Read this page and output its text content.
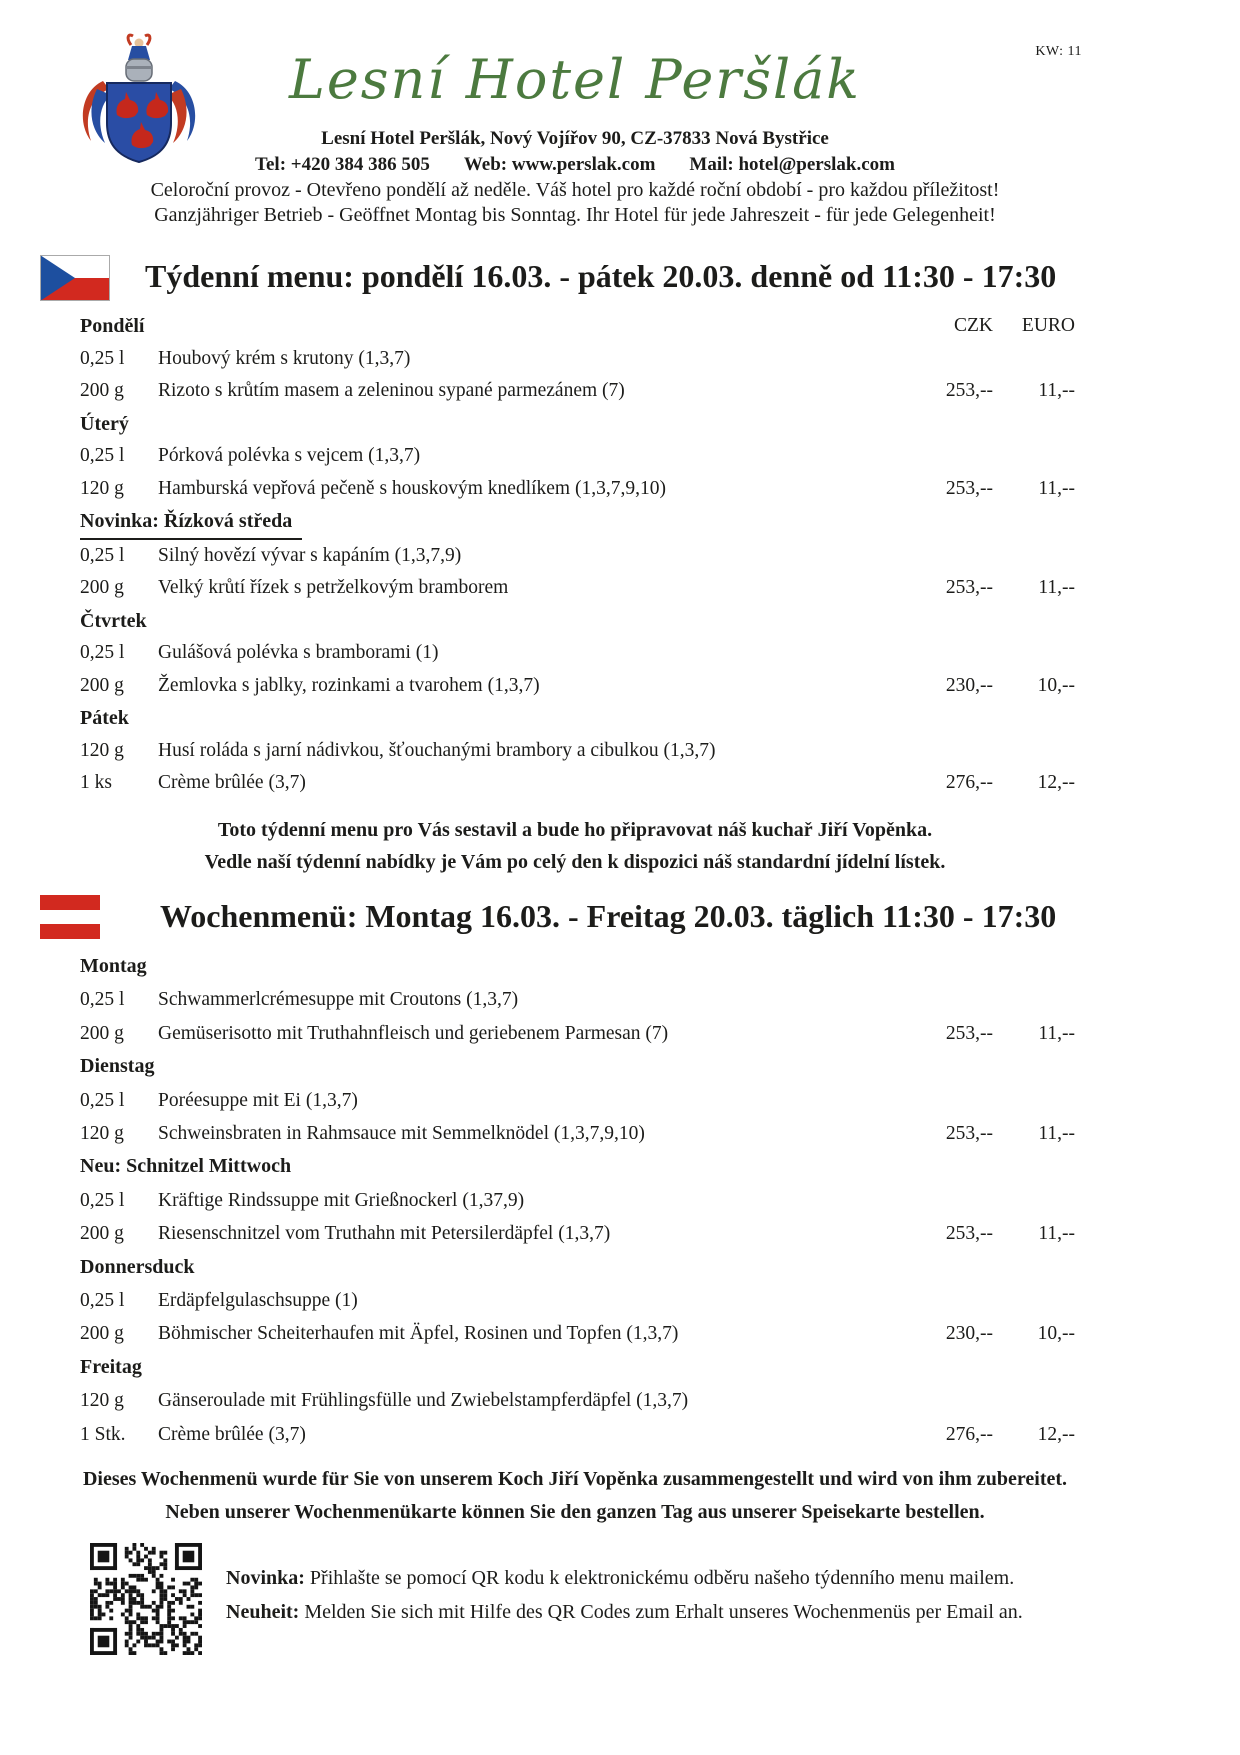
KW: 11
Lesní Hotel Peršlák
Lesní Hotel Peršlák, Nový Vojířov 90, CZ-37833 Nová Bystřice
Tel: +420 384 386 505 Web: www.perslak.com Mail: hotel@perslak.com
Celoroční provoz - Otevřeno pondělí až neděle. Váš hotel pro každé roční období - pro každou příležitost!
Ganzjähriger Betrieb - Geöffnet Montag bis Sonntag. Ihr Hotel für jede Jahreszeit - für jede Gelegenheit!
Týdenní menu: pondělí 16.03. - pátek 20.03. denně od 11:30 - 17:30
Pondělí	CZK	EURO
0,25 l	Houbový krém s krutony (1,3,7)
200 g	Rizoto s krůtím masem a zeleninou sypané parmezánem (7)	253,--	11,--
Úterý
0,25 l	Pórková polévka s vejcem (1,3,7)
120 g	Hamburská vepřová pečeně s houskovým knedlíkem (1,3,7,9,10)	253,--	11,--
Novinka: Řízková středa
0,25 l	Silný hovězí vývar s kapáním (1,3,7,9)
200 g	Velký krůtí řízek s petrželkovým bramborem	253,--	11,--
Čtvrtek
0,25 l	Gulášová polévka s bramborami (1)
200 g	Žemlovka s jablky, rozinkami a tvarohem (1,3,7)	230,--	10,--
Pátek
120 g	Husí roláda s jarní nádivkou, šťouchanými brambory a cibulkou (1,3,7)
1 ks	Crème brûlée (3,7)	276,--	12,--
Toto týdenní menu pro Vás sestavil a bude ho připravovat náš kuchař Jiří Vopěnka.
Vedle naší týdenní nabídky je Vám po celý den k dispozici náš standardní jídelní lístek.
Wochenmenü: Montag 16.03. - Freitag 20.03. täglich 11:30 - 17:30
Montag
0,25 l	Schwammerlcrémesuppe mit Croutons (1,3,7)
200 g	Gemüserisotto mit Truthahnfleisch und geriebenem Parmesan (7)	253,--	11,--
Dienstag
0,25 l	Poréesuppe mit Ei (1,3,7)
120 g	Schweinsbraten in Rahmsauce mit Semmelknödel (1,3,7,9,10)	253,--	11,--
Neu: Schnitzel Mittwoch
0,25 l	Kräftige Rindssuppe mit Grießnockerl (1,37,9)
200 g	Riesenschnitzel vom Truthahn mit Petersilerdäpfel (1,3,7)	253,--	11,--
Donnersduck
0,25 l	Erdäpfelgulaschsuppe (1)
200 g	Böhmischer Scheiterhaufen mit Äpfel, Rosinen und Topfen (1,3,7)	230,--	10,--
Freitag
120 g	Gänseroulade mit Frühlingsfülle und Zwiebelstampferdäpfel (1,3,7)
1 Stk.	Crème brûlée (3,7)	276,--	12,--
Dieses Wochenmenü wurde für Sie von unserem Koch Jiří Vopěnka zusammengestellt und wird von ihm zubereitet.
Neben unserer Wochenmenükarte können Sie den ganzen Tag aus unserer Speisekarte bestellen.
Novinka: Přihlašte se pomocí QR kodu k elektronickému odběru našeho týdenního menu mailem.
Neuheit: Melden Sie sich mit Hilfe des QR Codes zum Erhalt unseres Wochenmenüs per Email an.
